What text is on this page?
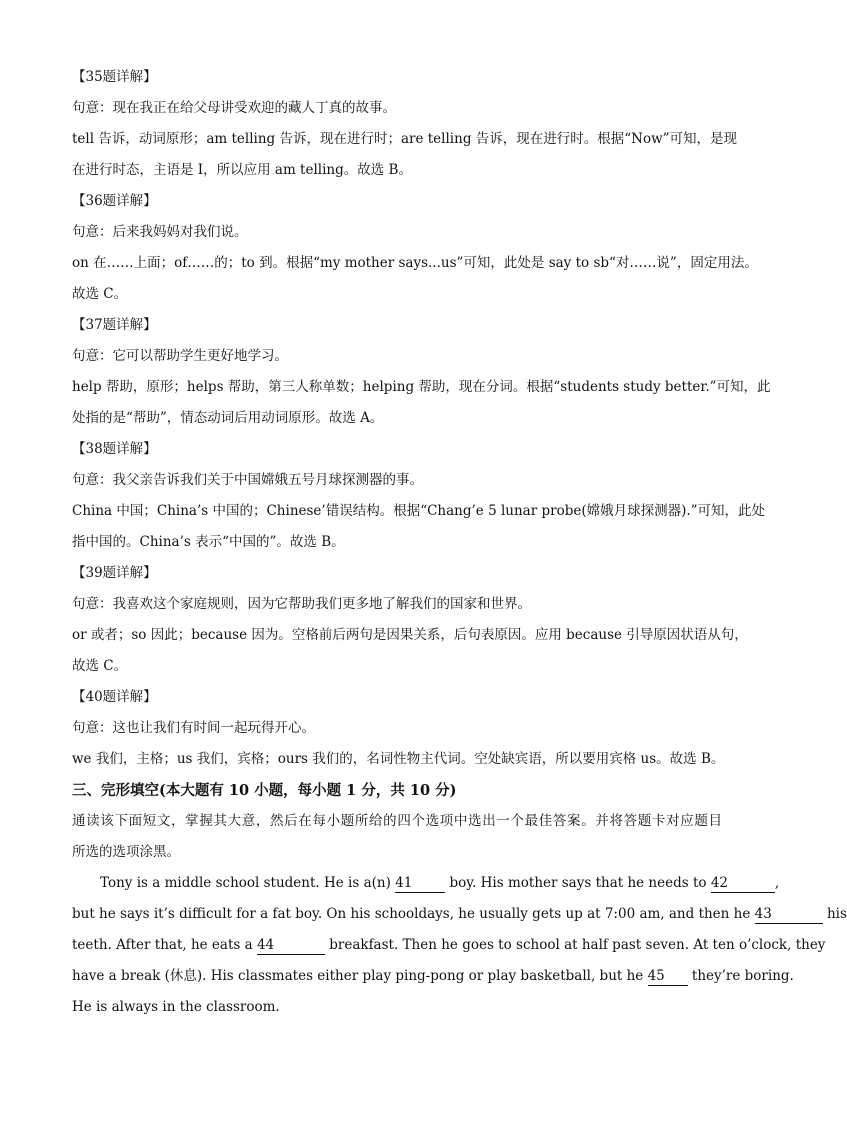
【35题详解】
句意：现在我正在给父母讲受欢迎的藏人丁真的故事。
tell 告诉，动词原形；am telling 告诉，现在进行时；are telling 告诉，现在进行时。根据“Now”可知，是现
在进行时态，主语是 I，所以应用 am telling。故选 B。
【36题详解】
句意：后来我妈妈对我们说。
on 在……上面；of……的；to 到。根据“my mother says...us”可知，此处是 say to sb“对……说”，固定用法。
故选 C。
【37题详解】
句意：它可以帮助学生更好地学习。
help 帮助，原形；helps 帮助，第三人称单数；helping 帮助，现在分词。根据“students study better.”可知，此
处指的是“帮助”，情态动词后用动词原形。故选 A。
【38题详解】
句意：我父亲告诉我们关于中国嫦娥五号月球探测器的事。
China 中国；China’s 中国的；Chinese’错误结构。根据“Chang’e 5 lunar probe(嫦娥月球探测器).”可知，此处
指中国的。China’s 表示“中国的”。故选 B。
【39题详解】
句意：我喜欢这个家庭规则，因为它帮助我们更多地了解我们的国家和世界。
or 或者；so 因此；because 因为。空格前后两句是因果关系，后句表原因。应用 because 引导原因状语从句，
故选 C。
【40题详解】
句意：这也让我们有时间一起玩得开心。
we 我们，主格；us 我们，宾格；ours 我们的，名词性物主代词。空处缺宾语，所以要用宾格 us。故选 B。
三、完形填空(本大题有 10 小题，每小题 1 分，共 10 分)
通读该下面短文，掌握其大意，然后在每小题所给的四个选项中选出一个最佳答案。并将答题卡对应题目
所选的选项涂黑。
Tony is a middle school student. He is a(n) 41	boy. His mother says that he needs to 42	,
but he says it’s difficult for a fat boy. On his schooldays, he usually gets up at 7:00 am, and then he 43	his
teeth. After that, he eats a 44	breakfast. Then he goes to school at half past seven. At ten o’clock, they
have a break (休息). His classmates either play ping-pong or play basketball, but he 45 they’re boring.
He is always in the classroom.
